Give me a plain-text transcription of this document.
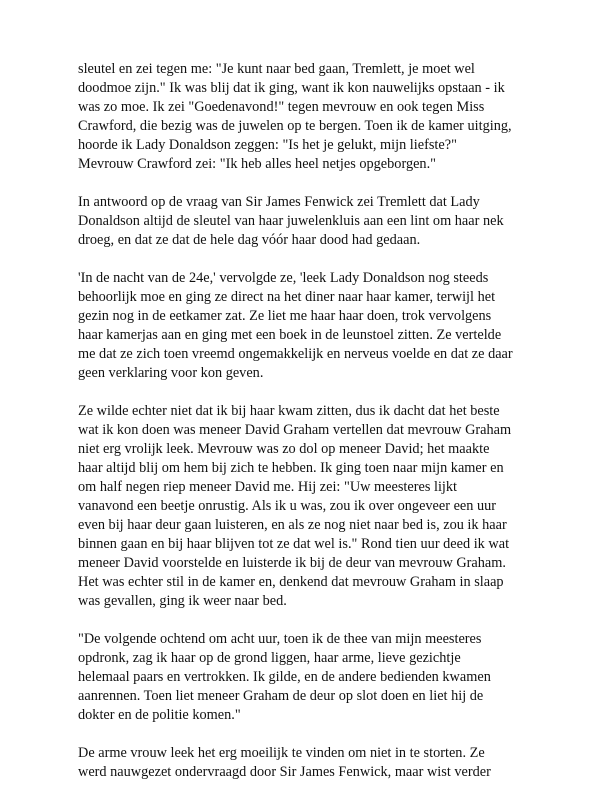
sleutel en zei tegen me: "Je kunt naar bed gaan, Tremlett, je moet wel
doodmoe zijn." Ik was blij dat ik ging, want ik kon nauwelijks opstaan - ik
was zo moe. Ik zei "Goedenavond!" tegen mevrouw en ook tegen Miss
Crawford, die bezig was de juwelen op te bergen. Toen ik de kamer uitging,
hoorde ik Lady Donaldson zeggen: "Is het je gelukt, mijn liefste?"
Mevrouw Crawford zei: "Ik heb alles heel netjes opgeborgen."
In antwoord op de vraag van Sir James Fenwick zei Tremlett dat Lady
Donaldson altijd de sleutel van haar juwelenkluis aan een lint om haar nek
droeg, en dat ze dat de hele dag vóór haar dood had gedaan.
'In de nacht van de 24e,' vervolgde ze, 'leek Lady Donaldson nog steeds
behoorlijk moe en ging ze direct na het diner naar haar kamer, terwijl het
gezin nog in de eetkamer zat. Ze liet me haar haar doen, trok vervolgens
haar kamerjas aan en ging met een boek in de leunstoel zitten. Ze vertelde
me dat ze zich toen vreemd ongemakkelijk en nerveus voelde en dat ze daar
geen verklaring voor kon geven.
Ze wilde echter niet dat ik bij haar kwam zitten, dus ik dacht dat het beste
wat ik kon doen was meneer David Graham vertellen dat mevrouw Graham
niet erg vrolijk leek. Mevrouw was zo dol op meneer David; het maakte
haar altijd blij om hem bij zich te hebben. Ik ging toen naar mijn kamer en
om half negen riep meneer David me. Hij zei: "Uw meesteres lijkt
vanavond een beetje onrustig. Als ik u was, zou ik over ongeveer een uur
even bij haar deur gaan luisteren, en als ze nog niet naar bed is, zou ik haar
binnen gaan en bij haar blijven tot ze dat wel is." Rond tien uur deed ik wat
meneer David voorstelde en luisterde ik bij de deur van mevrouw Graham.
Het was echter stil in de kamer en, denkend dat mevrouw Graham in slaap
was gevallen, ging ik weer naar bed.
"De volgende ochtend om acht uur, toen ik de thee van mijn meesteres
opdronk, zag ik haar op de grond liggen, haar arme, lieve gezichtje
helemaal paars en vertrokken. Ik gilde, en de andere bedienden kwamen
aanrennen. Toen liet meneer Graham de deur op slot doen en liet hij de
dokter en de politie komen."
De arme vrouw leek het erg moeilijk te vinden om niet in te storten. Ze
werd nauwgezet ondervraagd door Sir James Fenwick, maar wist verder
